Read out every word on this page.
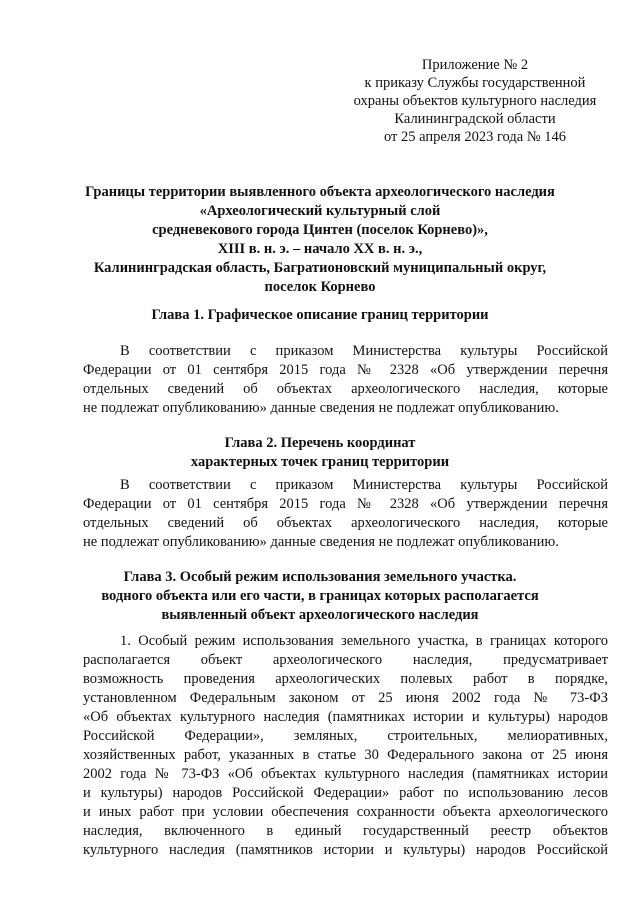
Приложение № 2
к приказу Службы государственной
охраны объектов культурного наследия
Калининградской области
от 25 апреля 2023 года № 146
Границы территории выявленного объекта археологического наследия
«Археологический культурный слой
средневекового города Цинтен (поселок Корнево)»,
XIII в. н. э. – начало XX в. н. э.,
Калининградская область, Багратионовский муниципальный округ,
поселок Корнево
Глава 1. Графическое описание границ территории
В соответствии с приказом Министерства культуры Российской
Федерации от 01 сентября 2015 года № 2328 «Об утверждении перечня
отдельных сведений об объектах археологического наследия, которые
не подлежат опубликованию» данные сведения не подлежат опубликованию.
Глава 2. Перечень координат
характерных точек границ территории
В соответствии с приказом Министерства культуры Российской
Федерации от 01 сентября 2015 года № 2328 «Об утверждении перечня
отдельных сведений об объектах археологического наследия, которые
не подлежат опубликованию» данные сведения не подлежат опубликованию.
Глава 3. Особый режим использования земельного участка.
водного объекта или его части, в границах которых располагается
выявленный объект археологического наследия
1. Особый режим использования земельного участка, в границах которого
располагается объект археологического наследия, предусматривает
возможность проведения археологических полевых работ в порядке,
установленном Федеральным законом от 25 июня 2002 года № 73-ФЗ
«Об объектах культурного наследия (памятниках истории и культуры) народов
Российской Федерации», земляных, строительных, мелиоративных,
хозяйственных работ, указанных в статье 30 Федерального закона от 25 июня
2002 года № 73-ФЗ «Об объектах культурного наследия (памятниках истории
и культуры) народов Российской Федерации» работ по использованию лесов
и иных работ при условии обеспечения сохранности объекта археологического
наследия, включенного в единый государственный реестр объектов
культурного наследия (памятников истории и культуры) народов Российской
